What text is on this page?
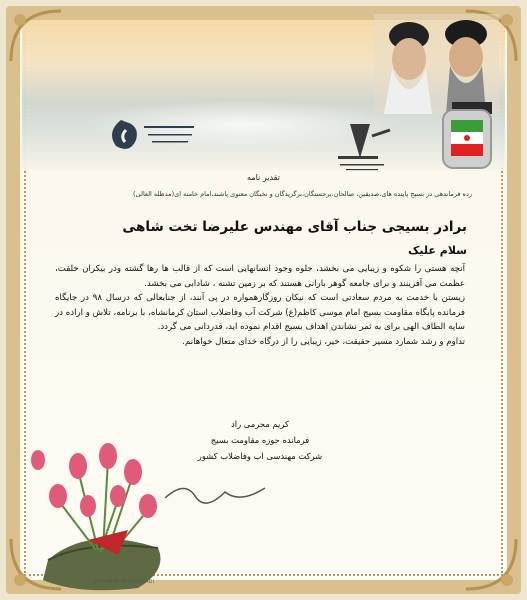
تقدیر نامه
رده فرماندهی در بسیج پاینده های،صدیقین، صالحان،برجستگان،برگزیدگان و نخبگان معنوی پاشند،امام خامنه ای(مدظله العالی)
برادر بسیجی جناب آقای مهندس علیرضا تخت شاهی
سلام علیک

آنچه هستی را شکوه و زیبایی می بخشد، جلوه وجود انسانهایی است که از قالب ها رها گشته ودر بیکران خلقت، عظمت می آفرینند و برای جامعه گوهر بارانی هستند که بر زمین تشنه ، شادابی می بخشد.

زیستن با خدمت به مردم سعادتی است که نیکان روزگارهمواره در پی آنند، از جنابعالی که درسال ۹۸ در جایگاه فرمانده پایگاه مقاومت بسیج امام موسی کاظم(ع) شرکت آب وفاضلاب استان کرمانشاه، با برنامه، تلاش و اراده در سایه الطاف الهی برای به ثمر نشاندن اهداف بسیج اقدام نموده اید، قدردانی می گردد.

تداوم و رشد شمارد مسیر حقیقت، خیر، زیبایی را از درگاه خدای متعال خواهانم.

کریم محرمی راد
فرمانده حوزه مقاومت بسیج
شرکت مهندسی اب وفاضلاب کشور
DESIGNER MOHAMMADI
